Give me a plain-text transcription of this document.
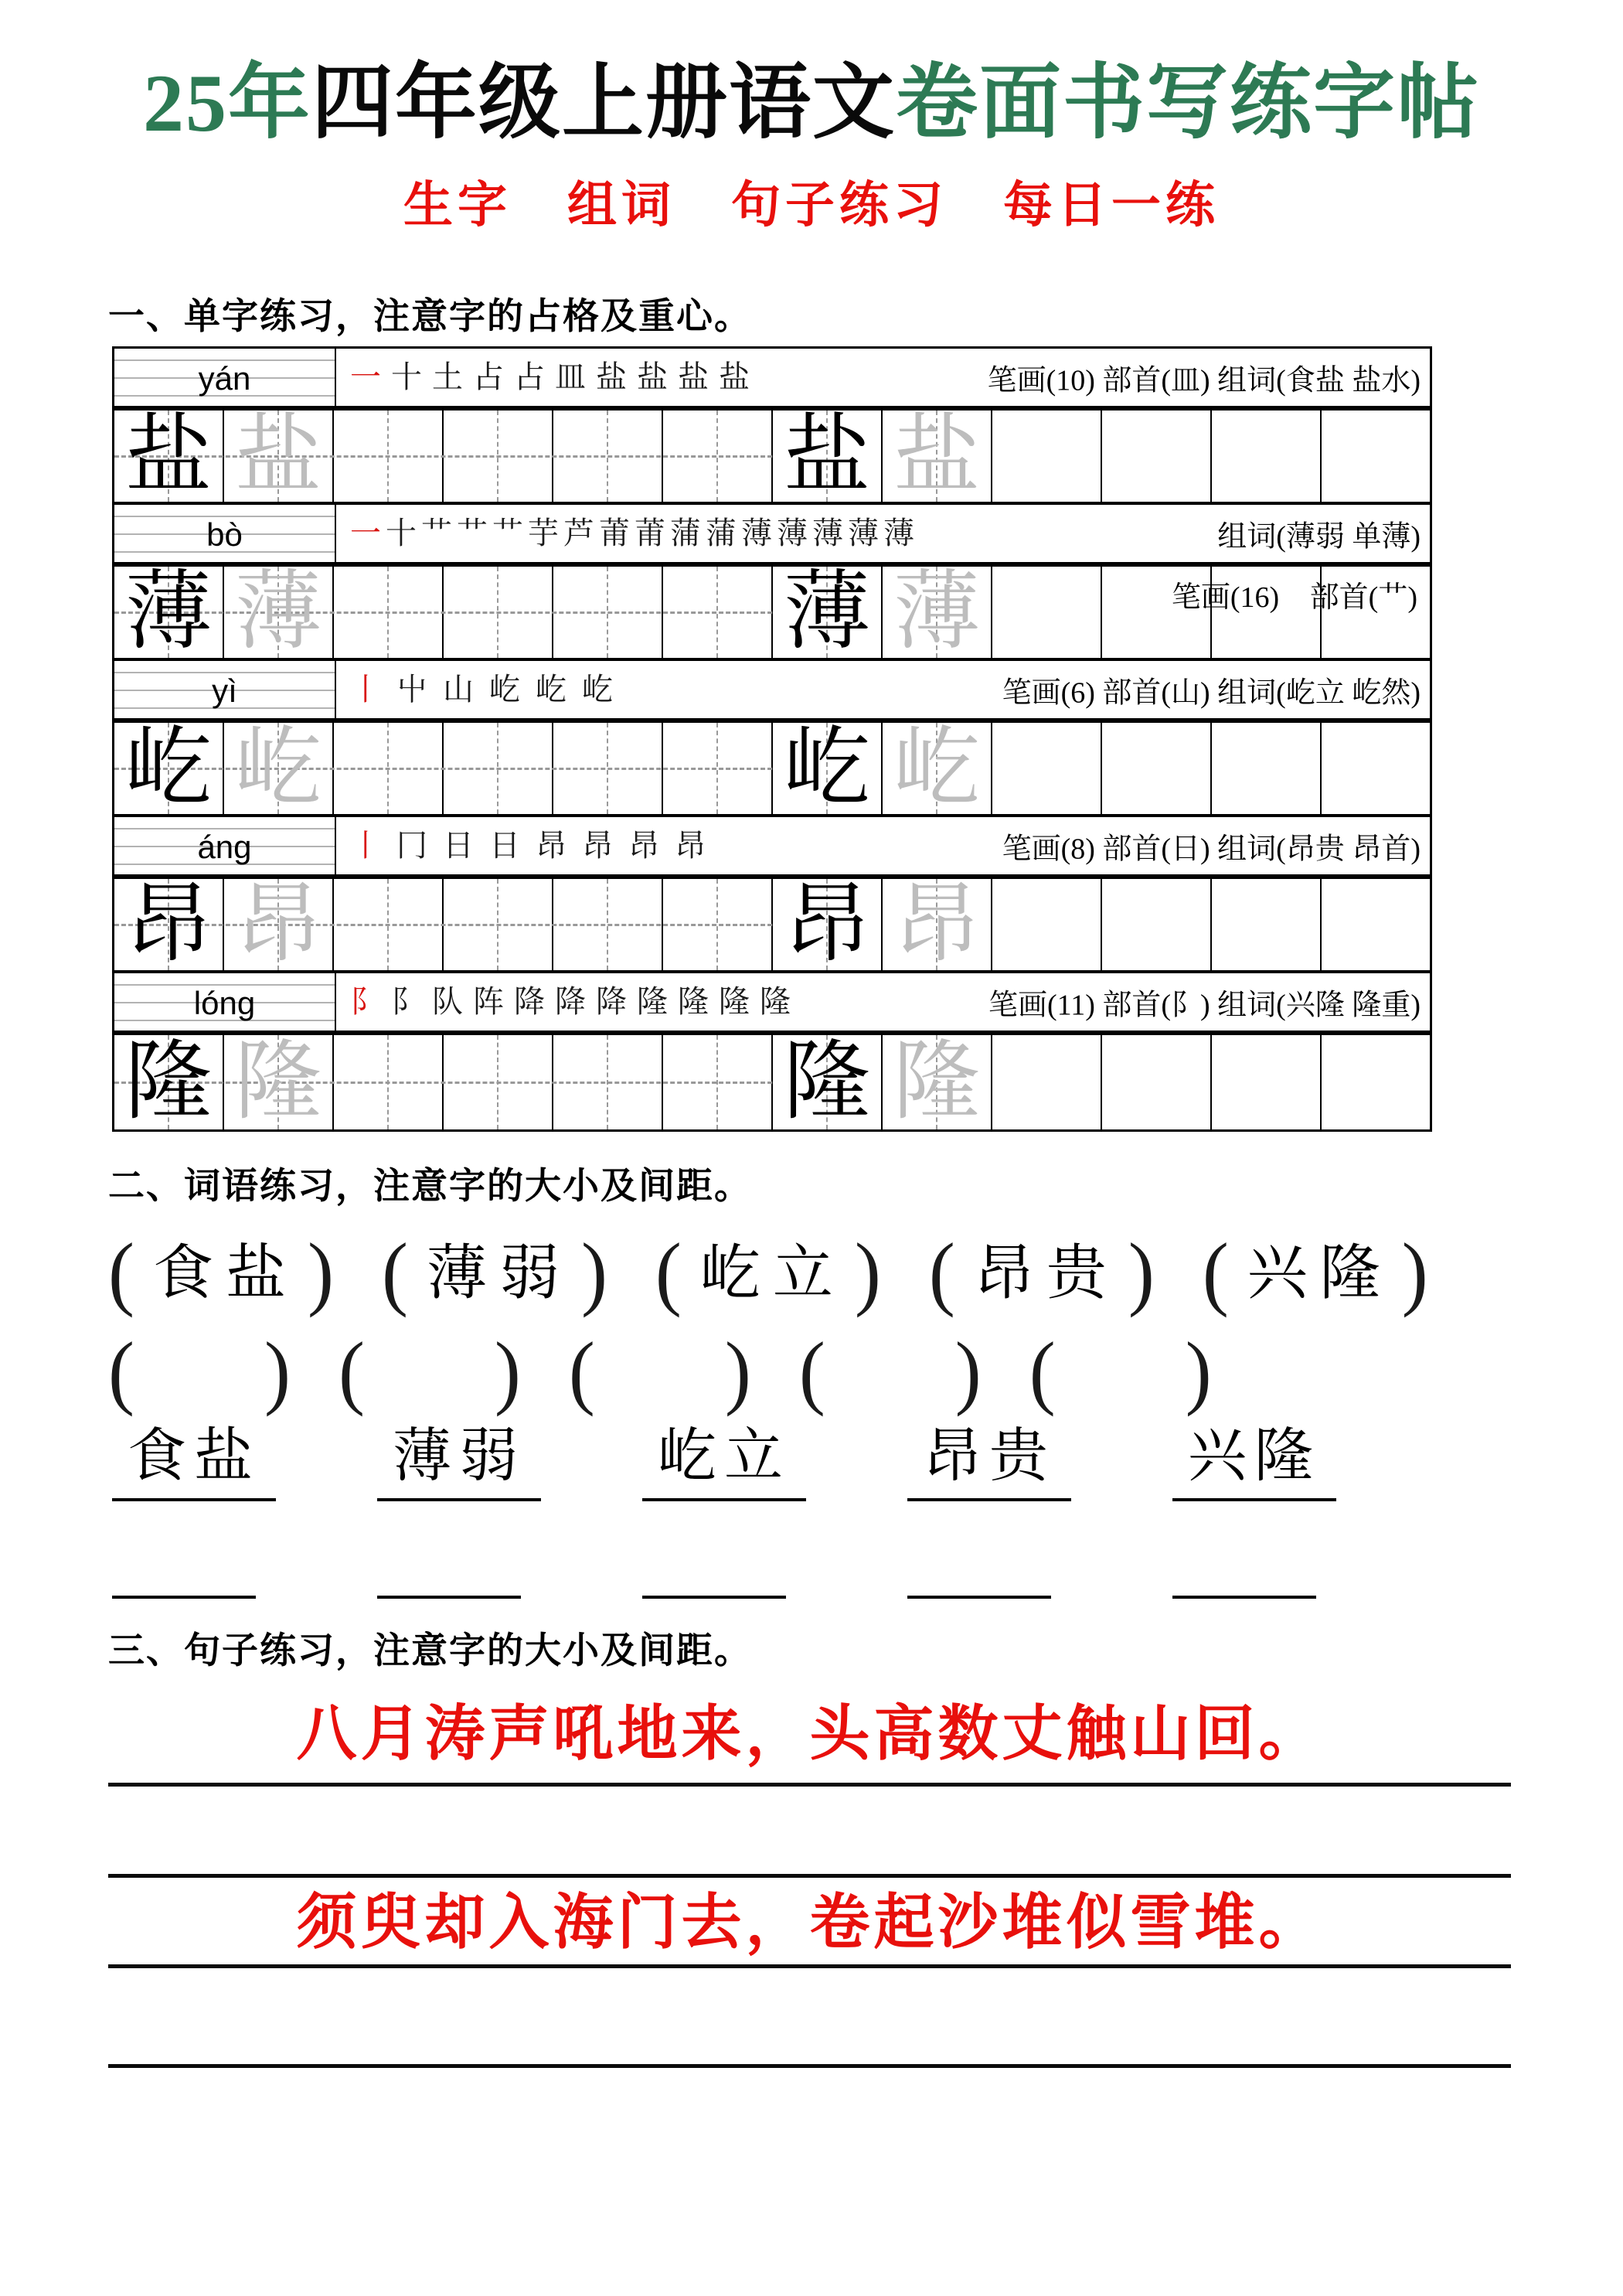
25年四年级上册语文卷面书写练字帖
生字 组词 句子练习 每日一练
一、单字练习，注意字的占格及重心。
yán	一 十 土 占 占 皿 盐 盐 盐 盐	笔画(10) 部首(皿) 组词(食盐 盐水)
盐 盐	盐 盐
bò	一 十 艹 艹 艹 芋 芦 莆 莆 蒲 蒲 薄 薄 薄 薄 薄	组词(薄弱 单薄)
薄 薄	薄 薄	笔画(16) 部首(艹)
yì	丨 屮 山 屹 屹 屹	笔画(6) 部首(山) 组词(屹立 屹然)
屹 屹	屹 屹
áng	丨 冂 日 日 昂 昂 昂 昂	笔画(8) 部首(日) 组词(昂贵 昂首)
昂 昂	昂 昂
lóng	阝 阝 队 阵 降 降 降 隆 隆 隆 隆	笔画(11) 部首(阝) 组词(兴隆 隆重)
隆 隆	隆 隆
二、词语练习，注意字的大小及间距。
( 食盐 ) ( 薄弱 ) ( 屹立 ) ( 昂贵 ) ( 兴隆 )
( ) ( ) ( ) ( ) ( )
食盐 薄弱 屹立 昂贵 兴隆
三、句子练习，注意字的大小及间距。
八月涛声吼地来，头高数丈触山回。
须臾却入海门去，卷起沙堆似雪堆。
